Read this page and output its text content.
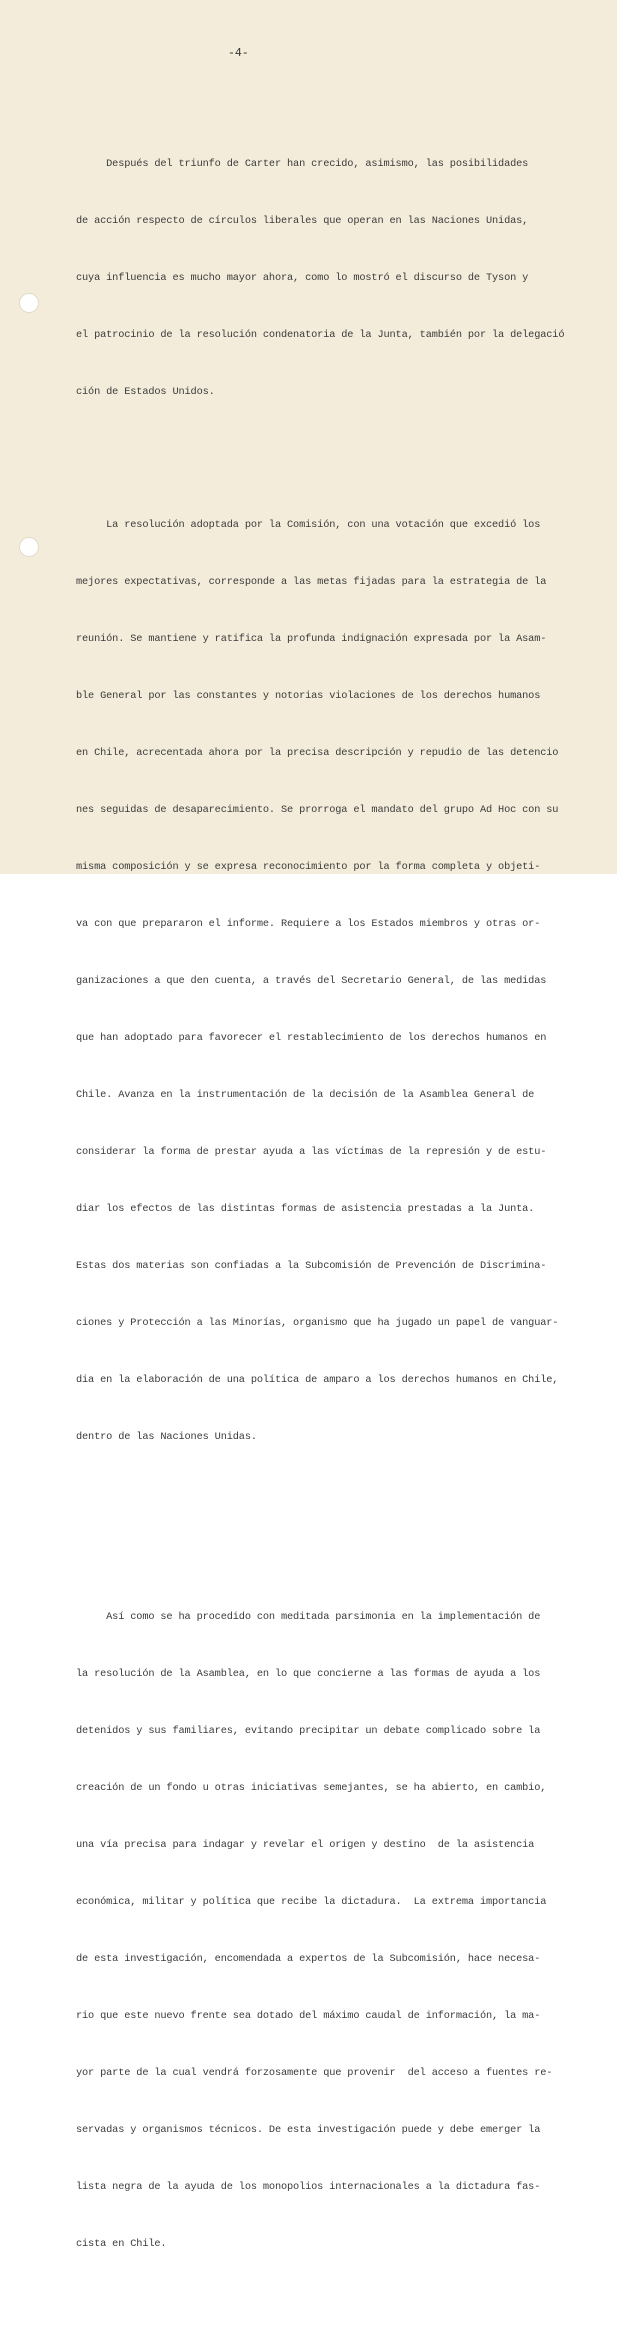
-4-

Después del triunfo de Carter han crecido, asimismo, las posibilidades

de acción respecto de círculos liberales que operan en las Naciones Unidas,

cuya influencia es mucho mayor ahora, como lo mostró el discurso de Tyson y

el patrocinio de la resolución condenatoria de la Junta, también por la delegació

ción de Estados Unidos.

La resolución adoptada por la Comisión, con una votación que excedió los

mejores expectativas, corresponde a las metas fijadas para la estrategia de la

reunión. Se mantiene y ratifica la profunda indignación expresada por la Asam-

ble General por las constantes y notorias violaciones de los derechos humanos

en Chile, acrecentada ahora por la precisa descripción y repudio de las detencio

nes seguidas de desaparecimiento. Se prorroga el mandato del grupo Ad Hoc con su

misma composición y se expresa reconocimiento por la forma completa y objeti-

va con que prepararon el informe. Requiere a los Estados miembros y otras or-

ganizaciones a que den cuenta, a través del Secretario General, de las medidas

que han adoptado para favorecer el restablecimiento de los derechos humanos en

Chile. Avanza en la instrumentación de la decisión de la Asamblea General de

considerar la forma de prestar ayuda a las víctimas de la represión y de estu-

diar los efectos de las distintas formas de asistencia prestadas a la Junta.

Estas dos materias son confiadas a la Subcomisión de Prevención de Discrimina-

ciones y Protección a las Minorías, organismo que ha jugado un papel de vanguar-

dia en la elaboración de una política de amparo a los derechos humanos en Chile,

dentro de las Naciones Unidas.

Así como se ha procedido con meditada parsimonia en la implementación de

la resolución de la Asamblea, en lo que concierne a las formas de ayuda a los

detenidos y sus familiares, evitando precipitar un debate complicado sobre la

creación de un fondo u otras iniciativas semejantes, se ha abierto, en cambio,

una vía precisa para indagar y revelar el origen y destino  de la asistencia

económica, militar y política que recibe la dictadura.  La extrema importancia

de esta investigación, encomendada a expertos de la Subcomisión, hace necesa-

rio que este nuevo frente sea dotado del máximo caudal de información, la ma-

yor parte de la cual vendrá forzosamente que provenir  del acceso a fuentes re-

servadas y organismos técnicos. De esta investigación puede y debe emerger la

lista negra de la ayuda de los monopolios internacionales a la dictadura fas-

cista en Chile.
